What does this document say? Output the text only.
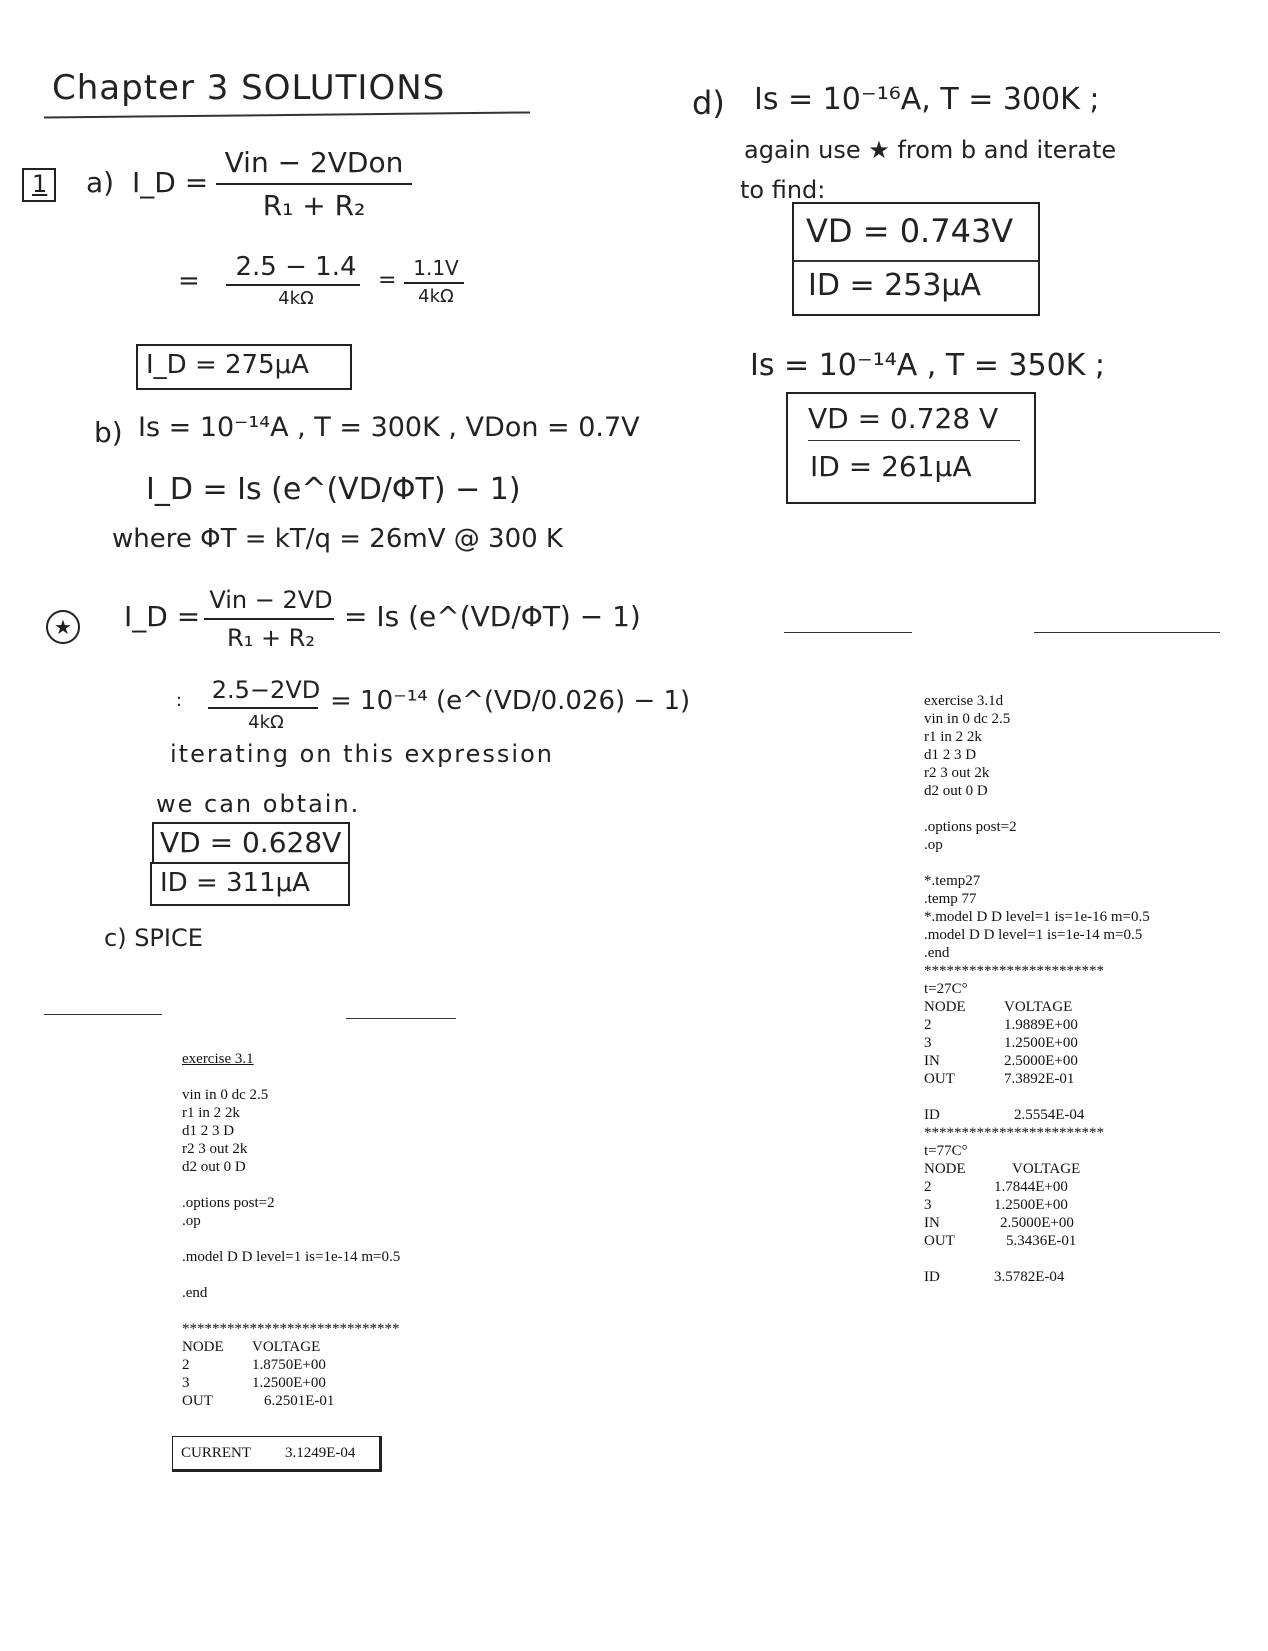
Chapter 3 SOLUTIONS
1 a) I_D =
Vin − 2VDon
R₁ + R₂
=	2.5 − 1.4
4kΩ
= 1.1V
4kΩ
I_D = 275μA
b) Is = 10⁻¹⁴A , T = 300K , VDon = 0.7V
I_D = Is (e^(VD/ΦT) − 1)
where ΦT = kT/q = 26mV @ 300 K
★ I_D = Vin − 2VD
R₁ + R₂
= Is (e^(VD/ΦT) − 1)
: 2.5−2VD
4kΩ
= 10⁻¹⁴ (e^(VD/0.026) − 1)
iterating on this expression
we can obtain.
VD = 0.628V
ID = 311μA
c) SPICE
exercise 3.1
vin in 0 dc 2.5
r1 in 2 2k
d1 2 3 D
r2 3 out 2k
d2 out 0 D
.options post=2
.op
.model D D level=1 is=1e-14 m=0.5
.end
*****************************
NODE	VOLTAGE
2	1.8750E+00
3	1.2500E+00
OUT	6.2501E-01
CURRENT 3.1249E-04
d) Is = 10⁻¹⁶A, T = 300K ;
again use ★ from b and iterate
to find:
VD = 0.743V
ID = 253μA
Is = 10⁻¹⁴A , T = 350K ;
VD = 0.728 V
ID = 261μA
exercise 3.1d
vin in 0 dc 2.5
r1 in 2 2k
d1 2 3 D
r2 3 out 2k
d2 out 0 D
.options post=2
.op
*.temp27
.temp 77
*.model D D level=1 is=1e-16 m=0.5
.model D D level=1 is=1e-14 m=0.5
.end
************************
t=27C°
NODE	VOLTAGE
2	1.9889E+00
3	1.2500E+00
IN	2.5000E+00
OUT	7.3892E-01
ID	2.5554E-04
************************
t=77C°
NODE	VOLTAGE
2	1.7844E+00
3	1.2500E+00
IN	2.5000E+00
OUT	5.3436E-01
ID	3.5782E-04
